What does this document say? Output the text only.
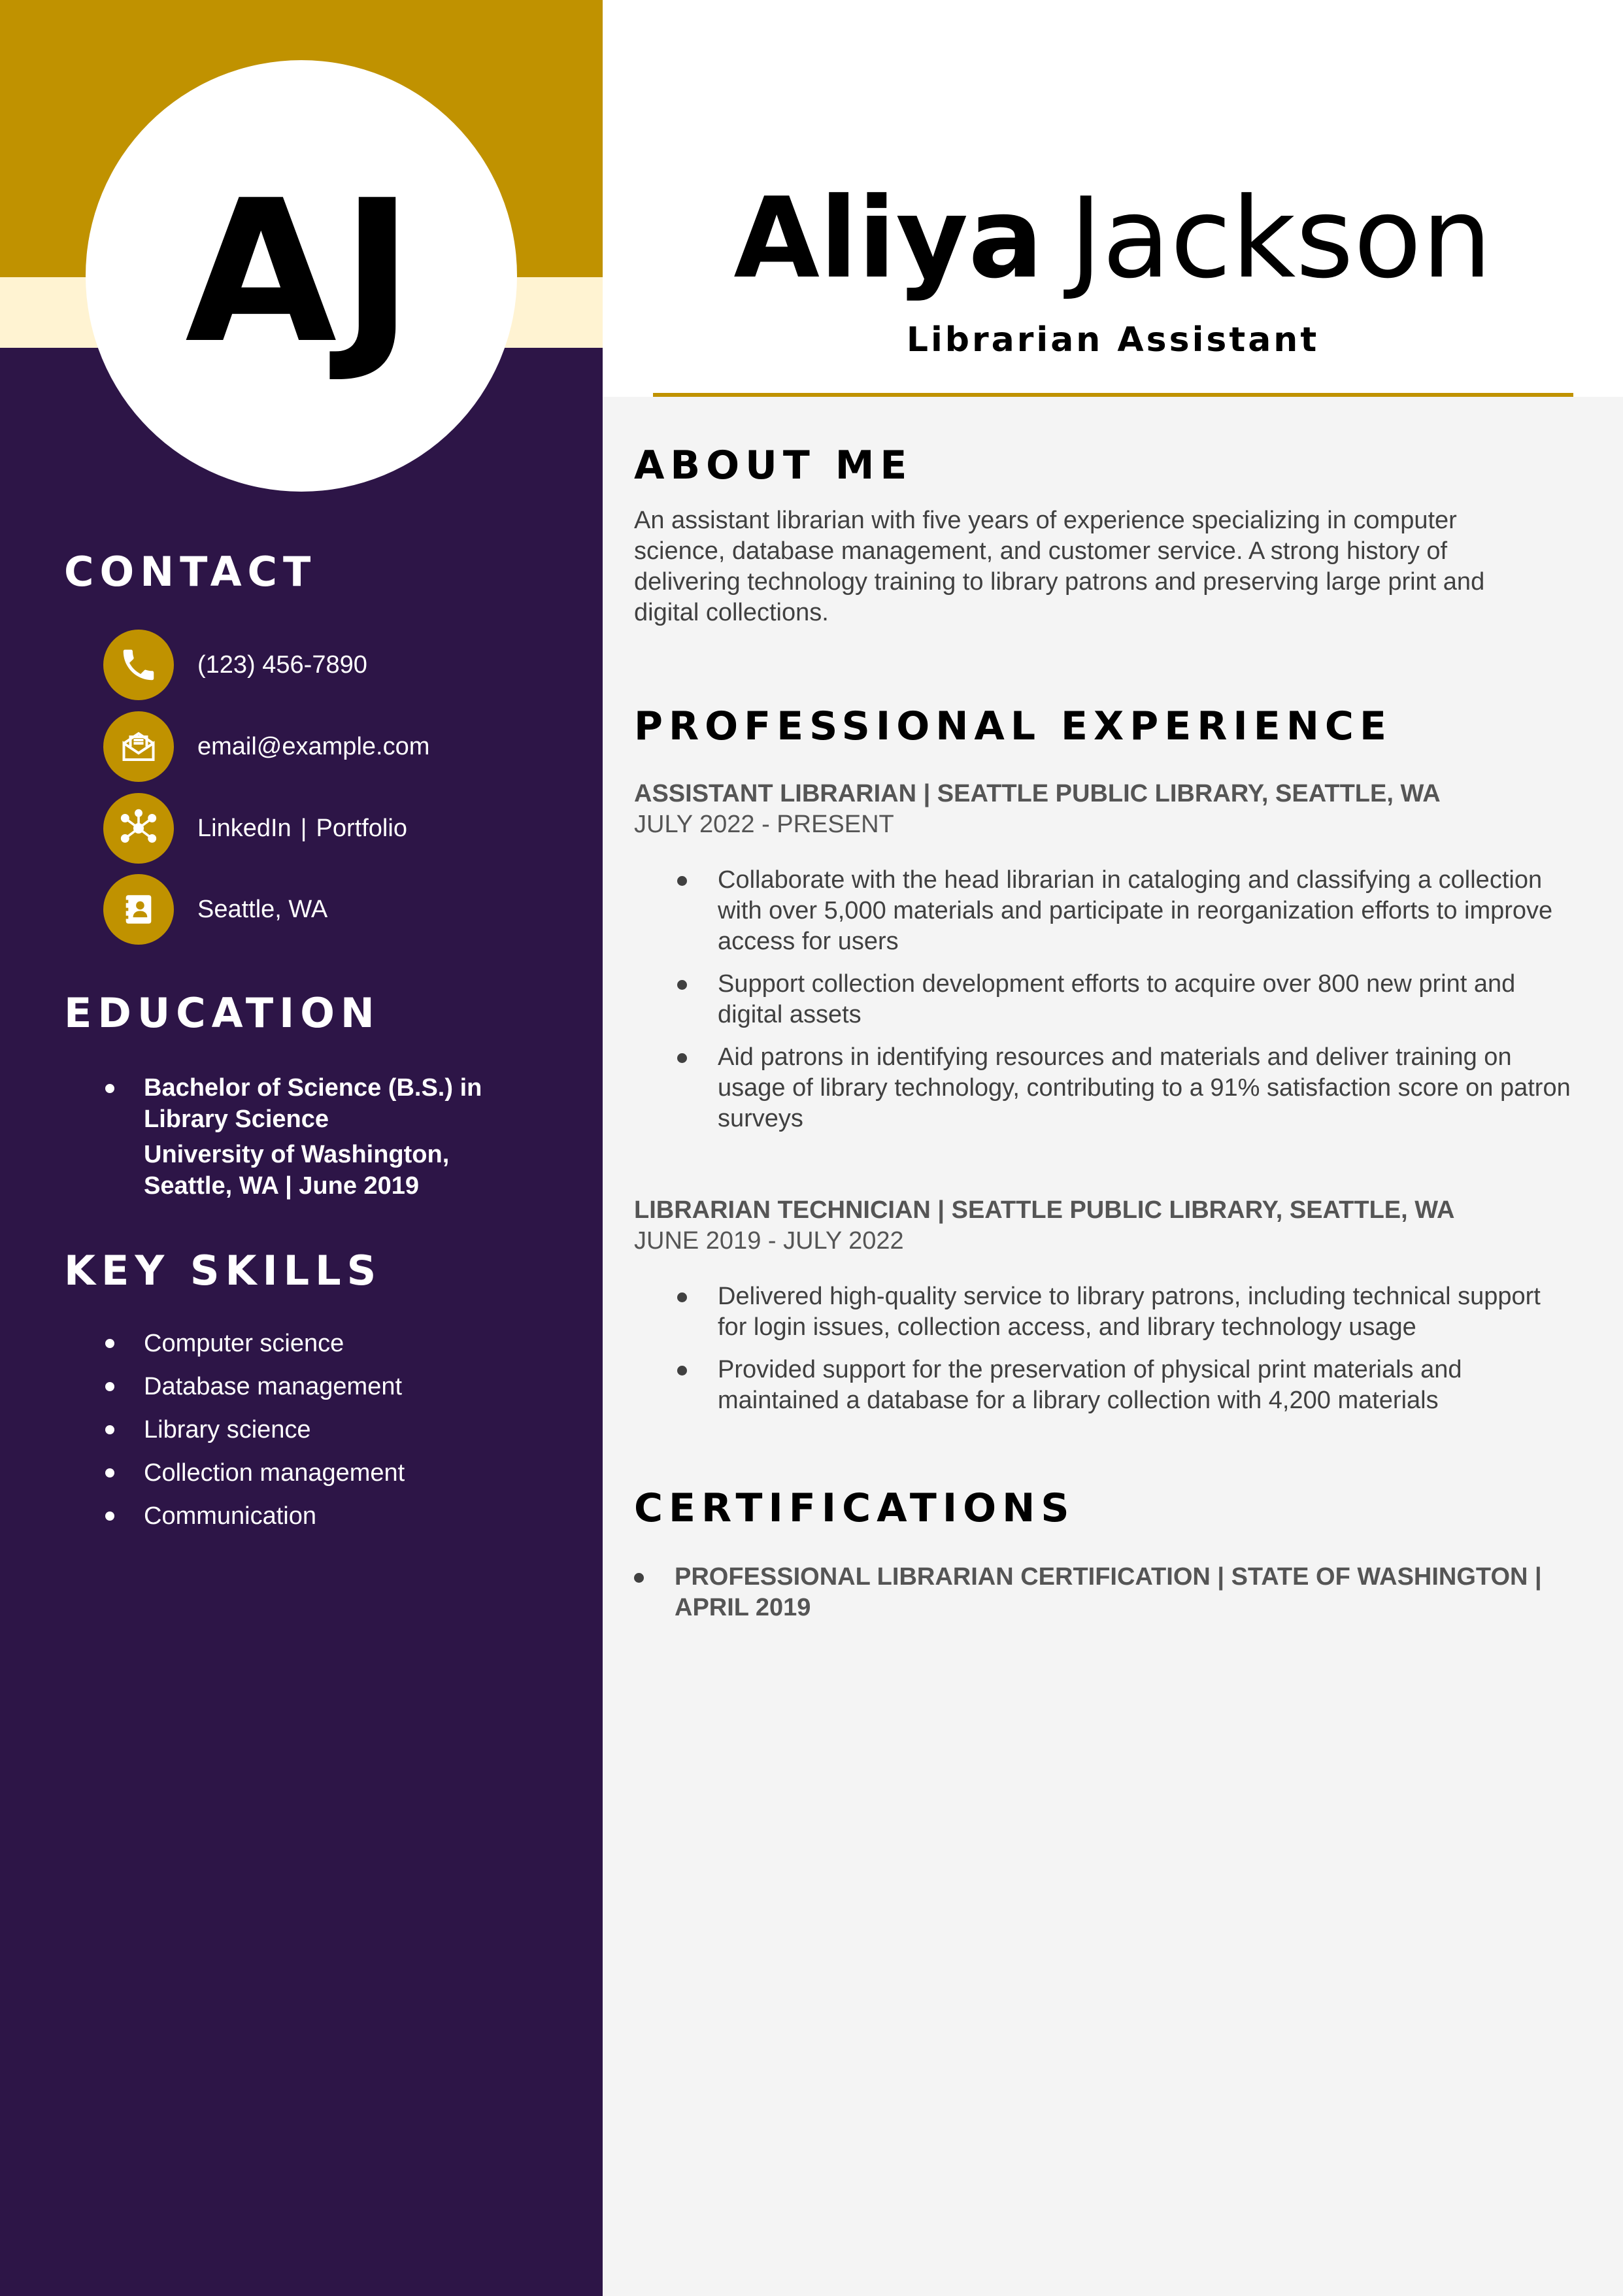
AJ
CONTACT
(123) 456-7890
email@example.com
LinkedIn | Portfolio
Seattle, WA
EDUCATION
Bachelor of Science (B.S.) in Library Science
University of Washington, Seattle, WA | June 2019
KEY SKILLS
Computer science
Database management
Library science
Collection management
Communication
Aliya Jackson
Librarian Assistant
ABOUT ME

An assistant librarian with five years of experience specializing in computer science, database management, and customer service. A strong history of delivering technology training to library patrons and preserving large print and digital collections.

PROFESSIONAL EXPERIENCE
ASSISTANT LIBRARIAN | SEATTLE PUBLIC LIBRARY, SEATTLE, WA
JULY 2022 - PRESENT
Collaborate with the head librarian in cataloging and classifying a collection with over 5,000 materials and participate in reorganization efforts to improve access for users
Support collection development efforts to acquire over 800 new print and digital assets
Aid patrons in identifying resources and materials and deliver training on usage of library technology, contributing to a 91% satisfaction score on patron surveys
LIBRARIAN TECHNICIAN | SEATTLE PUBLIC LIBRARY, SEATTLE, WA
JUNE 2019 - JULY 2022
Delivered high-quality service to library patrons, including technical support for login issues, collection access, and library technology usage
Provided support for the preservation of physical print materials and maintained a database for a library collection with 4,200 materials
CERTIFICATIONS
PROFESSIONAL LIBRARIAN CERTIFICATION | STATE OF WASHINGTON | APRIL 2019
